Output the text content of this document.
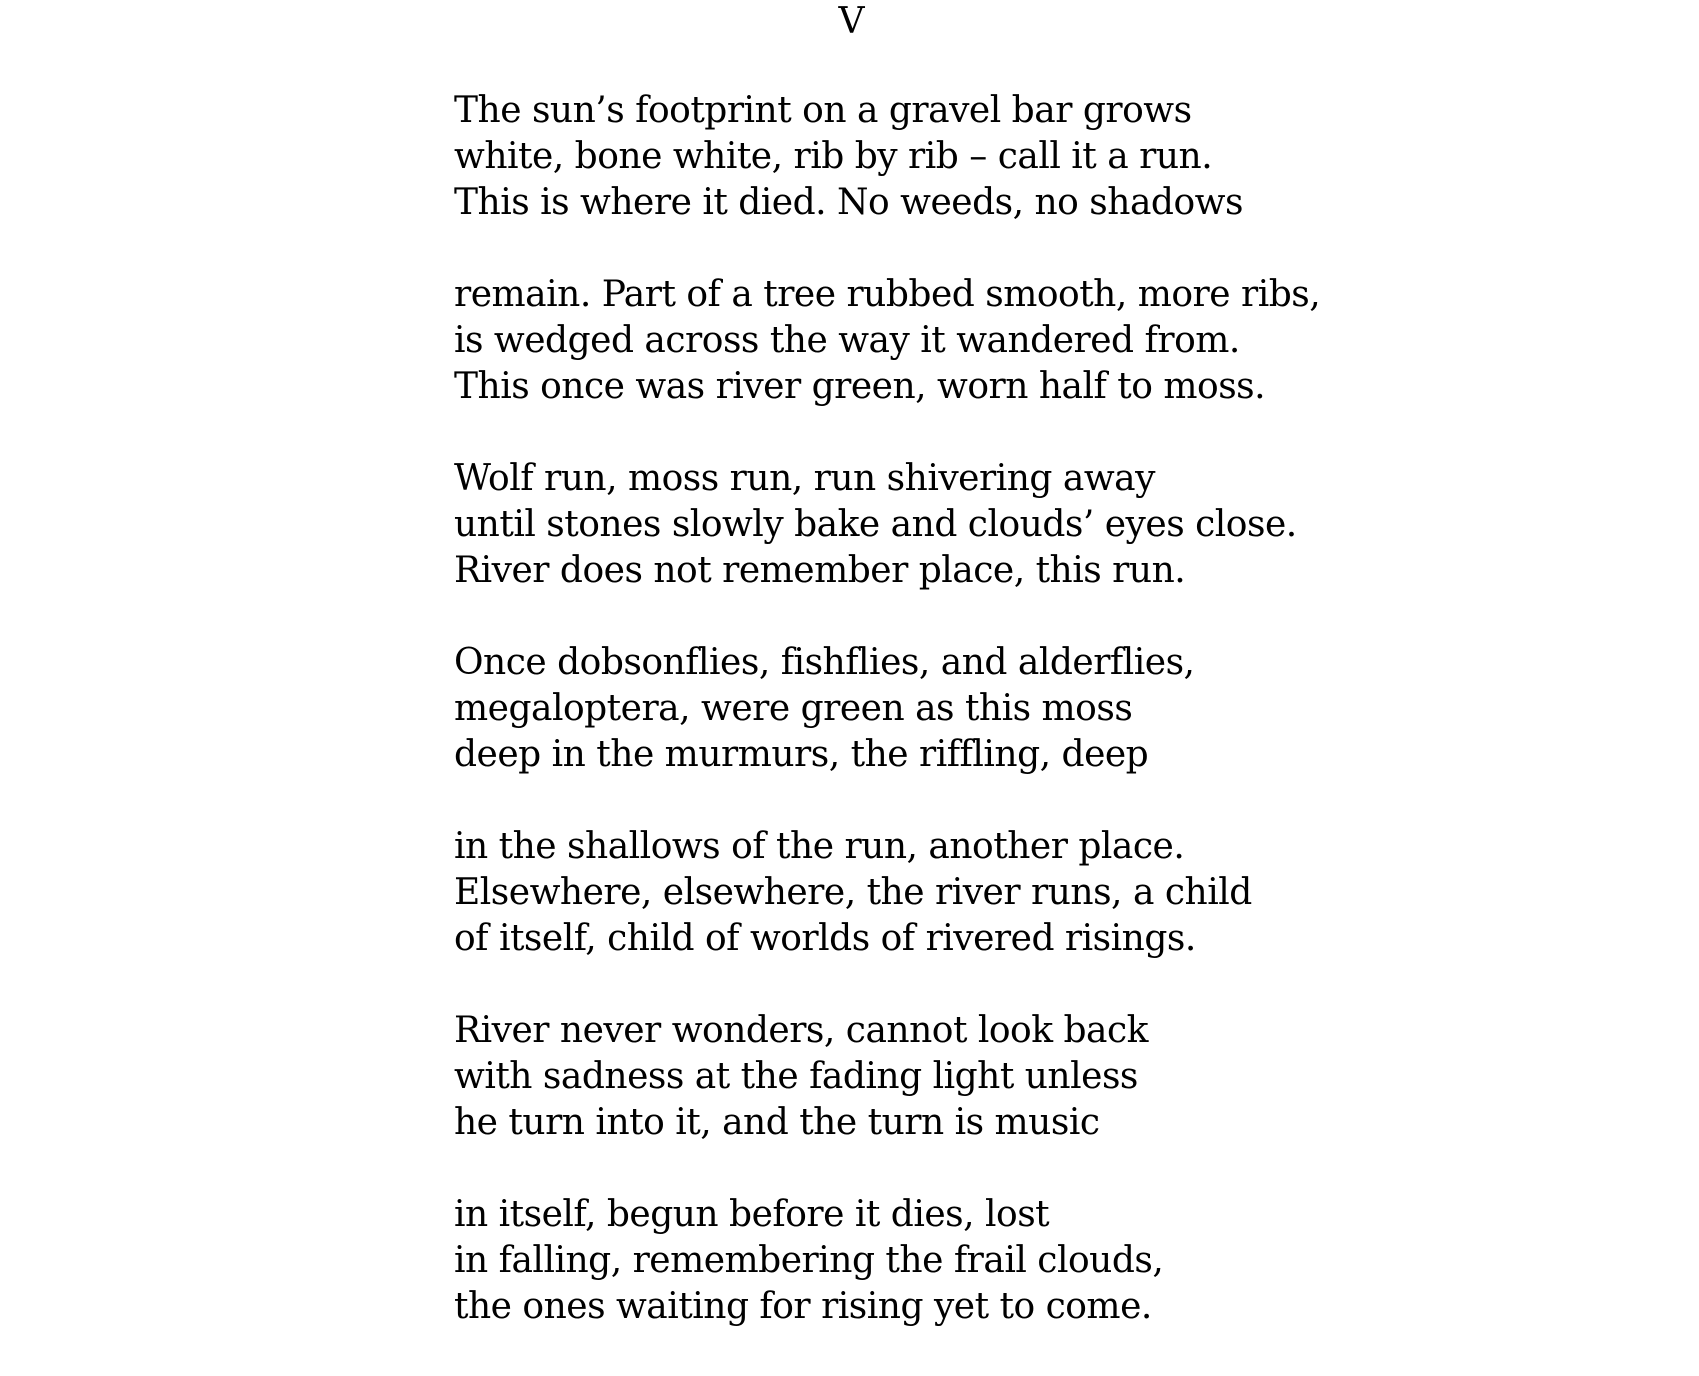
V
The sun’s footprint on a gravel bar grows
white, bone white, rib by rib – call it a run.
This is where it died. No weeds, no shadows
remain. Part of a tree rubbed smooth, more ribs,
is wedged across the way it wandered from.
This once was river green, worn half to moss.
Wolf run, moss run, run shivering away
until stones slowly bake and clouds’ eyes close.
River does not remember place, this run.
Once dobsonflies, fishflies, and alderflies,
megaloptera, were green as this moss
deep in the murmurs, the riffling, deep
in the shallows of the run, another place.
Elsewhere, elsewhere, the river runs, a child
of itself, child of worlds of rivered risings.
River never wonders, cannot look back
with sadness at the fading light unless
he turn into it, and the turn is music
in itself, begun before it dies, lost
in falling, remembering the frail clouds,
the ones waiting for rising yet to come.
